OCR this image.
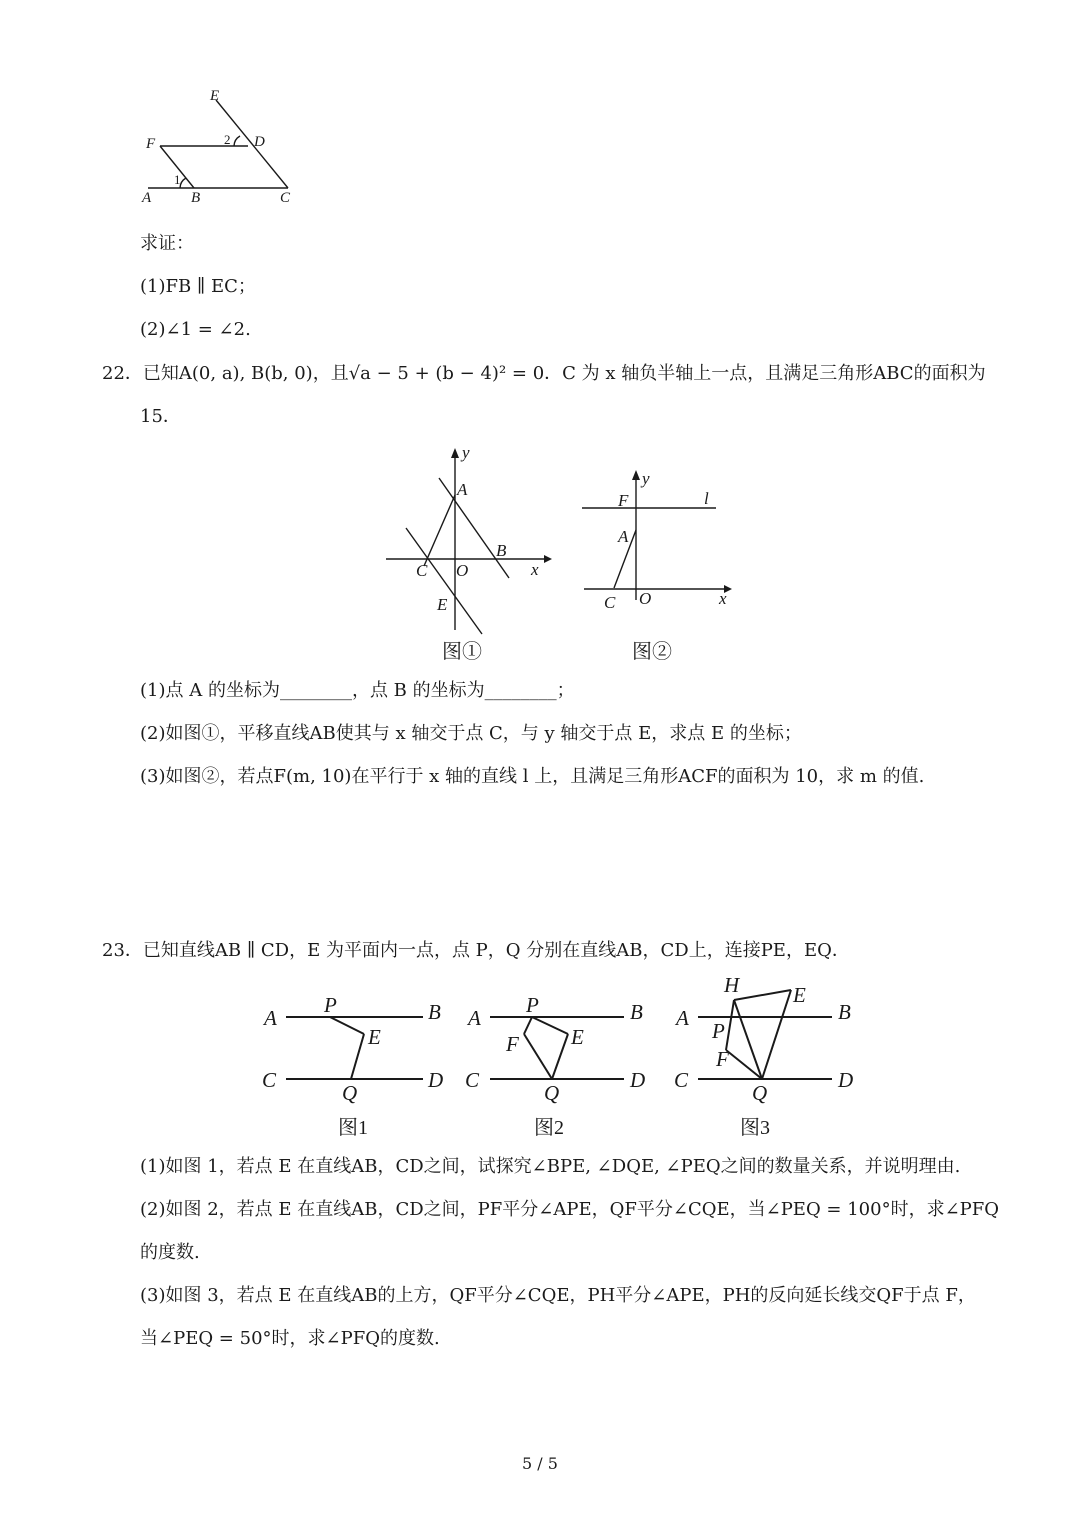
E
F	D
A	B	C
1
2
求证：
(1)FB ∥ EC；
(2)∠1 = ∠2.
22．已知A(0, a), B(b, 0)，且√a − 5 + (b − 4)² = 0．C 为 x 轴负半轴上一点，且满足三角形ABC的面积为
15．
y
A
B
C O	x
E
图①
y
F	l
A
C O	x
图②
(1)点 A 的坐标为________，点 B 的坐标为________；
(2)如图①，平移直线AB使其与 x 轴交于点 C，与 y 轴交于点 E，求点 E 的坐标；
(3)如图②，若点F(m, 10)在平行于 x 轴的直线 l 上，且满足三角形ACF的面积为 10，求 m 的值.
23．已知直线AB ∥ CD，E 为平面内一点，点 P，Q 分别在直线AB，CD上，连接PE，EQ．
A
P	B
E
C
Q
D
图1
A
P	B
F E
C
Q
D
图2
H	E
A
P
B
F
C
Q
D
图3
(1)如图 1，若点 E 在直线AB，CD之间，试探究∠BPE, ∠DQE, ∠PEQ之间的数量关系，并说明理由.
(2)如图 2，若点 E 在直线AB，CD之间，PF平分∠APE，QF平分∠CQE，当∠PEQ = 100°时，求∠PFQ
的度数.
(3)如图 3，若点 E 在直线AB的上方，QF平分∠CQE，PH平分∠APE，PH的反向延长线交QF于点 F，
当∠PEQ = 50°时，求∠PFQ的度数.
5 / 5
